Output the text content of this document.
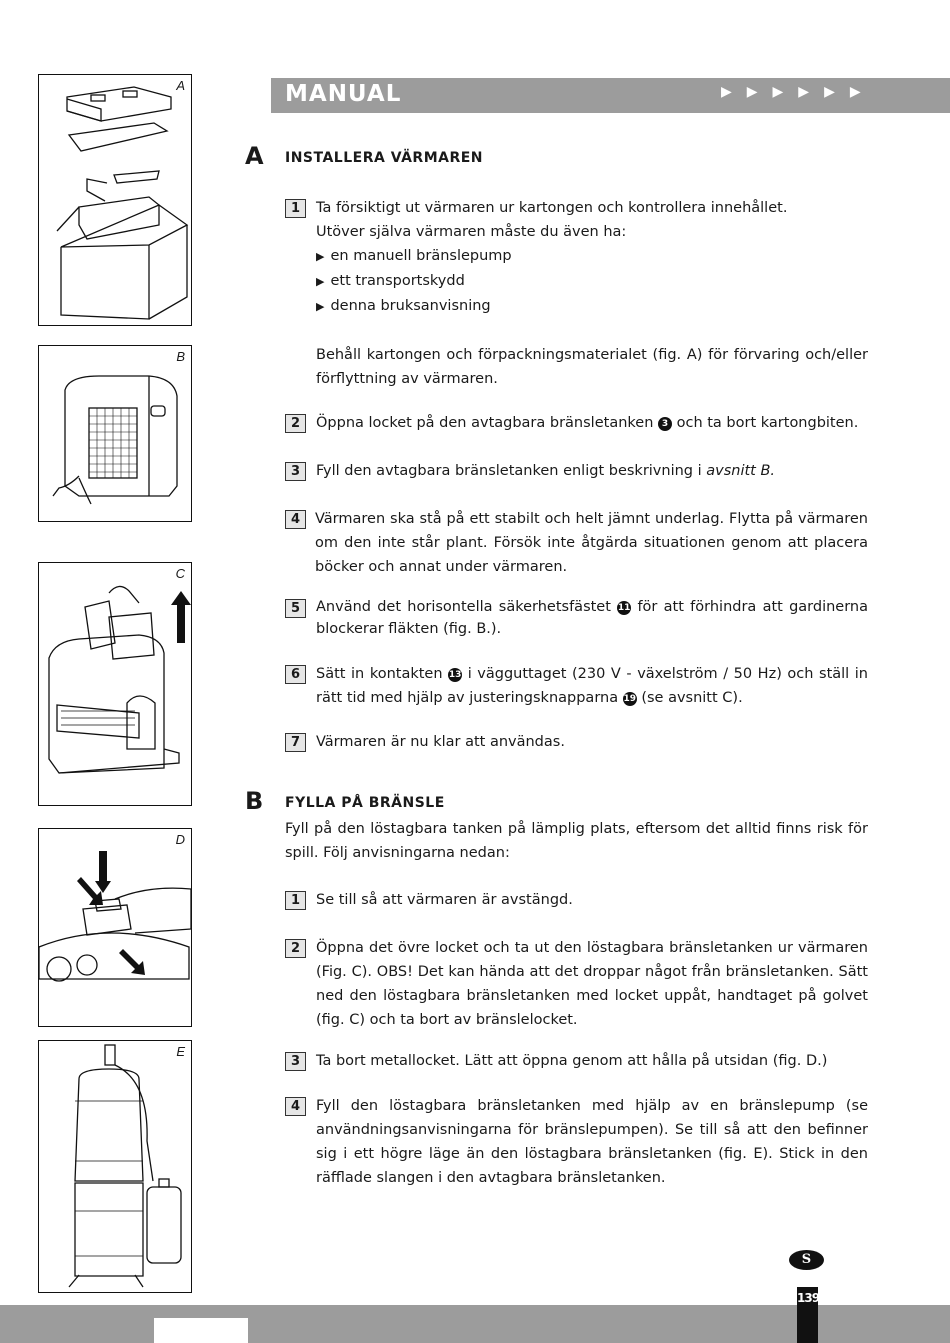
A
B
C
D
E
MANUAL	▶▶▶▶▶▶
A INSTALLERA VÄRMAREN
1	Ta försiktigt ut värmaren ur kartongen och kontrollera innehållet.

Utöver själva värmaren måste du även ha:

▶ en manuell bränslepump

▶ ett transportskydd

▶ denna bruksanvisning

Behåll kartongen och förpackningsmaterialet (fig. A) för förvaring och/eller förflyttning av värmaren.

2	Öppna locket på den avtagbara bränsletanken 3 och ta bort kartongbiten.
3	Fyll den avtagbara bränsletanken enligt beskrivning i avsnitt B.
4	Värmaren ska stå på ett stabilt och helt jämnt underlag. Flytta på värmaren om den inte står plant. Försök inte åtgärda situationen genom att placera böcker och annat under värmaren.
5	Använd det horisontella säkerhetsfästet 11 för att förhindra att gardinerna blockerar fläkten (fig. B.).
6	Sätt in kontakten 13 i vägguttaget (230 V - växelström / 50 Hz) och ställ in rätt tid med hjälp av justeringsknapparna 19 (se avsnitt C).
7	Värmaren är nu klar att användas.
B FYLLA PÅ BRÄNSLE
Fyll på den löstagbara tanken på lämplig plats, eftersom det alltid finns risk för spill. Följ anvisningarna nedan:
1	Se till så att värmaren är avstängd.
2	Öppna det övre locket och ta ut den löstagbara bränsletanken ur värmaren (Fig. C). OBS! Det kan hända att det droppar något från bränsletanken. Sätt ned den löstagbara bränsletanken med locket uppåt, handtaget på golvet (fig. C) och ta bort av bränslelocket.
3	Ta bort metallocket. Lätt att öppna genom att hålla på utsidan (fig. D.)
4	Fyll den löstagbara bränsletanken med hjälp av en bränslepump (se användningsanvisningarna för bränslepumpen). Se till så att den befinner sig i ett högre läge än den löstagbara bränsletanken (fig. E). Stick in den räfflade slangen i den avtagbara bränsletanken.
S
139
